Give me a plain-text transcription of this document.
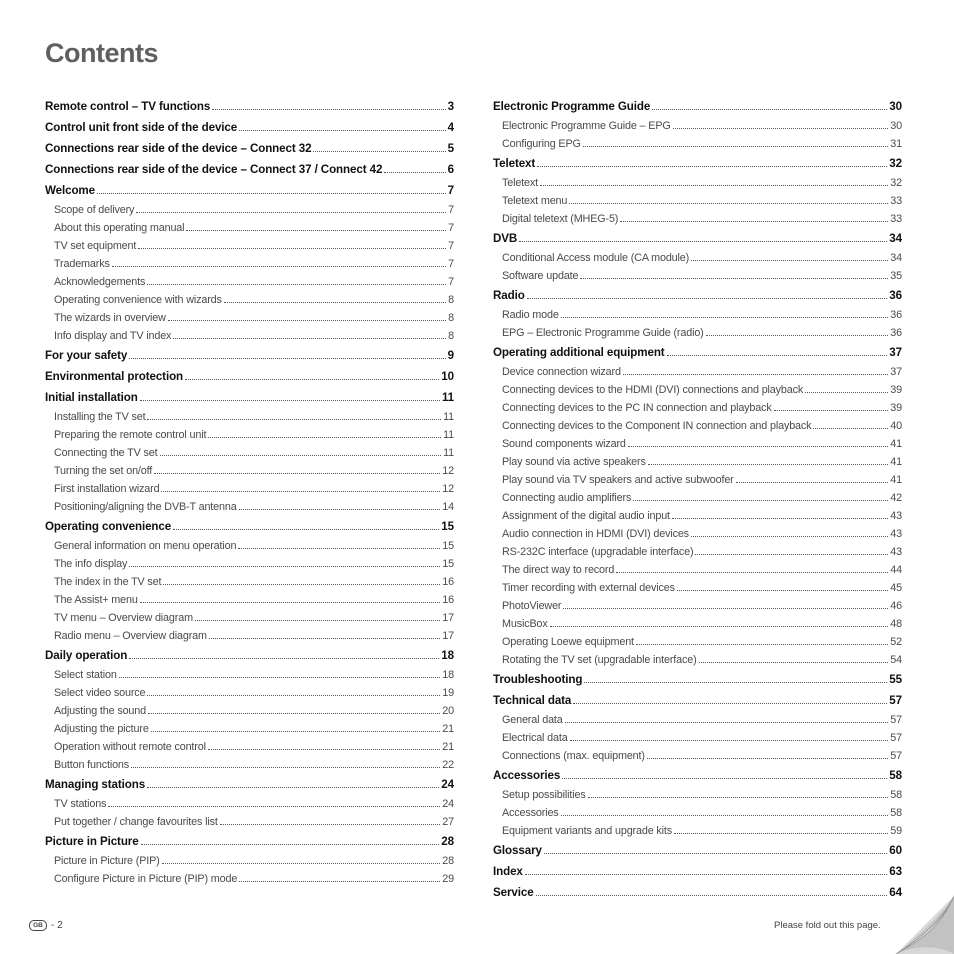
Contents
Remote control – TV functions	3
Control unit front side of the device	4
Connections rear side of the device – Connect 32	5
Connections rear side of the device – Connect 37 / Connect 42	6
Welcome	7
Scope of delivery	7
About this operating manual	7
TV set equipment	7
Trademarks	7
Acknowledgements	7
Operating convenience with wizards	8
The wizards in overview	8
Info display and TV index	8
For your safety	9
Environmental protection	10
Initial installation	11
Installing the TV set	11
Preparing the remote control unit	11
Connecting the TV set	11
Turning the set on/off	12
First installation wizard	12
Positioning/aligning the DVB-T antenna	14
Operating convenience	15
General information on menu operation	15
The info display	15
The index in the TV set	16
The Assist+ menu	16
TV menu – Overview diagram	17
Radio menu – Overview diagram	17
Daily operation	18
Select station	18
Select video source	19
Adjusting the sound	20
Adjusting the picture	21
Operation without remote control	21
Button functions	22
Managing stations	24
TV stations	24
Put together / change favourites list	27
Picture in Picture	28
Picture in Picture (PIP)	28
Configure Picture in Picture (PIP) mode	29
Electronic Programme Guide	30
Electronic Programme Guide – EPG	30
Configuring EPG	31
Teletext	32
Teletext	32
Teletext menu	33
Digital teletext (MHEG-5)	33
DVB	34
Conditional Access module (CA module)	34
Software update	35
Radio	36
Radio mode	36
EPG – Electronic Programme Guide (radio)	36
Operating additional equipment	37
Device connection wizard	37
Connecting devices to the HDMI (DVI) connections and playback	39
Connecting devices to the PC IN connection and playback	39
Connecting devices to the Component IN connection and playback	40
Sound components wizard	41
Play sound via active speakers	41
Play sound via TV speakers and active subwoofer	41
Connecting audio amplifiers	42
Assignment of the digital audio input	43
Audio connection in HDMI (DVI) devices	43
RS-232C interface (upgradable interface)	43
The direct way to record	44
Timer recording with external devices	45
PhotoViewer	46
MusicBox	48
Operating Loewe equipment	52
Rotating the TV set (upgradable interface)	54
Troubleshooting	55
Technical data	57
General data	57
Electrical data	57
Connections (max. equipment)	57
Accessories	58
Setup possibilities	58
Accessories	58
Equipment variants and upgrade kits	59
Glossary	60
Index	63
Service	64
GB - 2	Please fold out this page.
